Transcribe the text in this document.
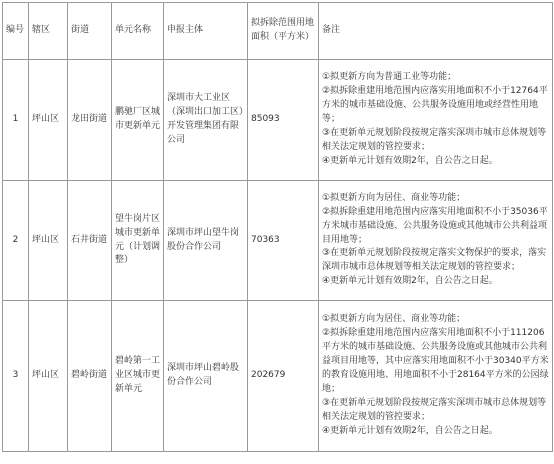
编号	辖区	街道	单元名称	申报主体	拟拆除范围用地面积（平方米）	备注
1	坪山区	龙田街道	鹏驰厂区城市更新单元	深圳市大工业区（深圳出口加工区）开发管理集团有限公司	85093	①拟更新方向为普通工业等功能；
②拟拆除重建用地范围内应落实用地面积不小于12764平方米的城市基础设施、公共服务设施用地或经营性用地等；
③在更新单元规划阶段按规定落实深圳市城市总体规划等相关法定规划的管控要求；
④更新单元计划有效期2年，自公告之日起。

2	坪山区	石井街道	望牛岗片区城市更新单元（计划调整）	深圳市坪山望牛岗股份合作公司	70363	①拟更新方向为居住、商业等功能；
②拟拆除重建用地范围内应落实用地面积不小于35036平方米城市基础设施、公共服务设施或其他城市公共利益项目用地等；
③在更新单元规划阶段按规定落实文物保护的要求，落实深圳市城市总体规划等相关法定规划的管控要求；
④更新单元计划有效期2年，自公告之日起。

3	坪山区	碧岭街道	碧岭第一工业区城市更新单元	深圳市坪山碧岭股份合作公司	202679	①拟更新方向为居住、商业等功能；
②拟拆除重建用地范围内应落实用地面积不小于111206平方米的城市基础设施、公共服务设施或其他城市公共利益项目用地等，其中应落实用地面积不小于30340平方米的教育设施用地、用地面积不小于28164平方米的公园绿地；
③在更新单元规划阶段按规定落实深圳市城市总体规划等相关法定规划的管控要求；
④更新单元计划有效期2年，自公告之日起。
